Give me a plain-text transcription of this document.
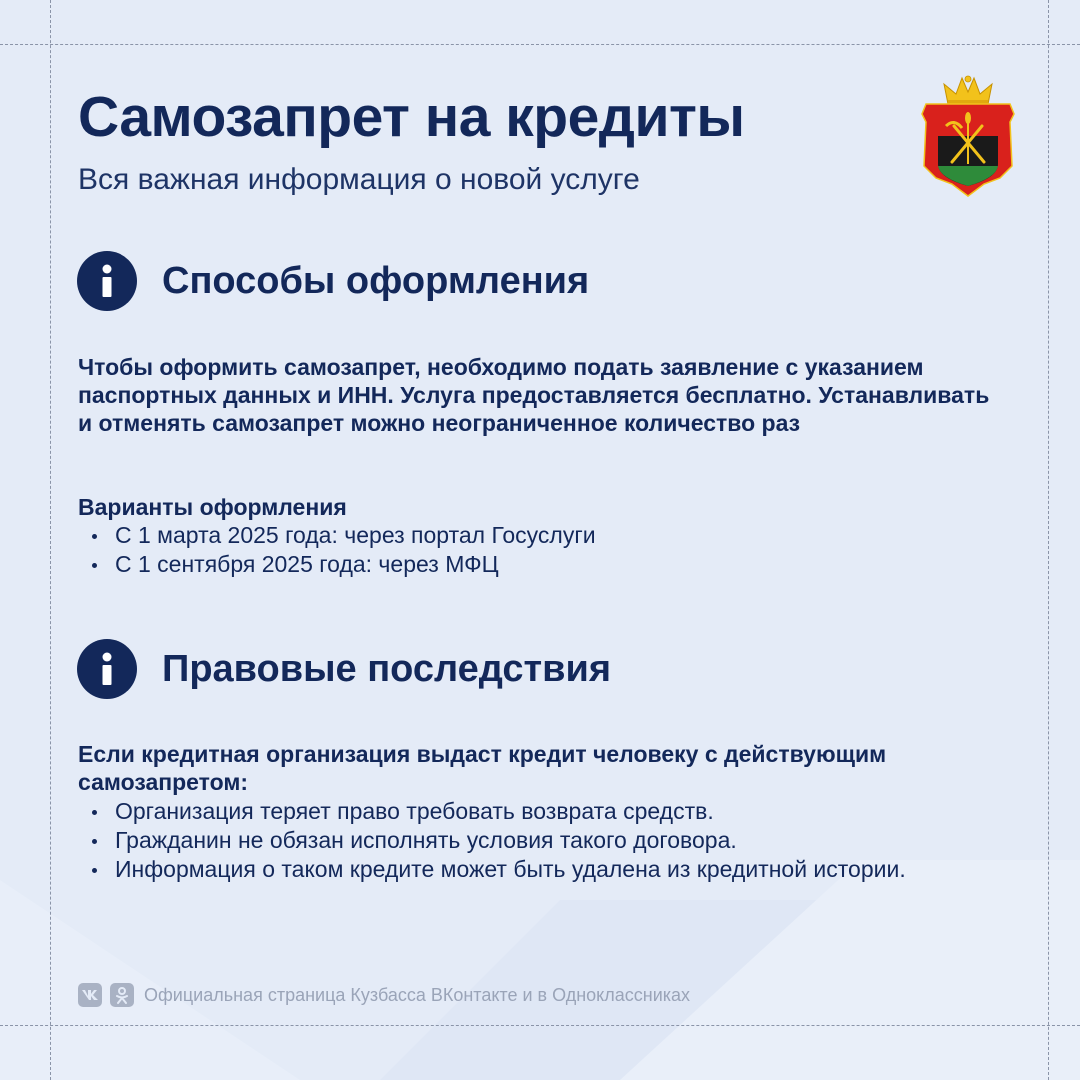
Самозапрет на кредиты

Вся важная информация о новой услуге

Способы оформления

Чтобы оформить самозапрет, необходимо подать заявление с указанием паспортных данных и ИНН. Услуга предоставляется бесплатно. Устанавливать и отменять самозапрет можно неограниченное количество раз

Варианты оформления

С 1 марта 2025 года: через портал Госуслуги
С 1 сентября 2025 года: через МФЦ
Правовые последствия

Если кредитная организация выдаст кредит человеку с действующим самозапретом:

Организация теряет право требовать возврата средств.
Гражданин не обязан исполнять условия такого договора.
Информация о таком кредите может быть удалена из кредитной истории.
Официальная страница Кузбасса ВКонтакте и в Одноклассниках
